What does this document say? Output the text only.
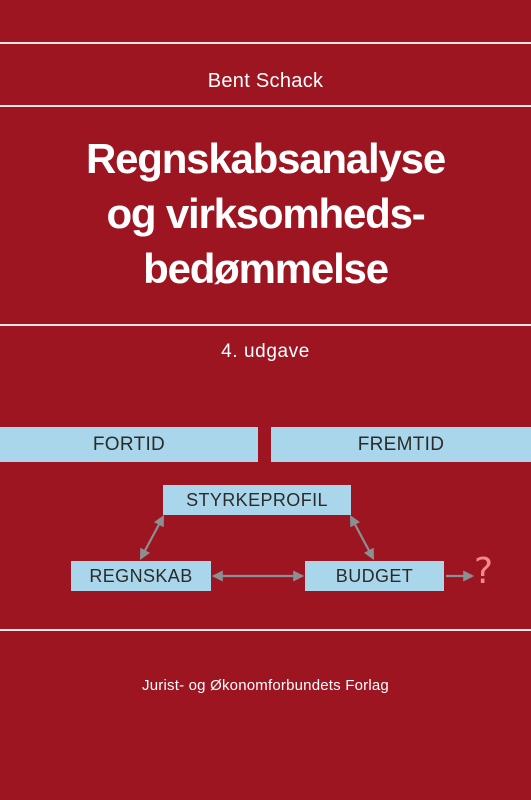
Bent Schack
Regnskabsanalyse
og virksomheds-
bedømmelse
4. udgave
FORTID	FREMTID
STYRKEPROFIL
REGNSKAB	BUDGET	?
Jurist- og Økonomforbundets Forlag
